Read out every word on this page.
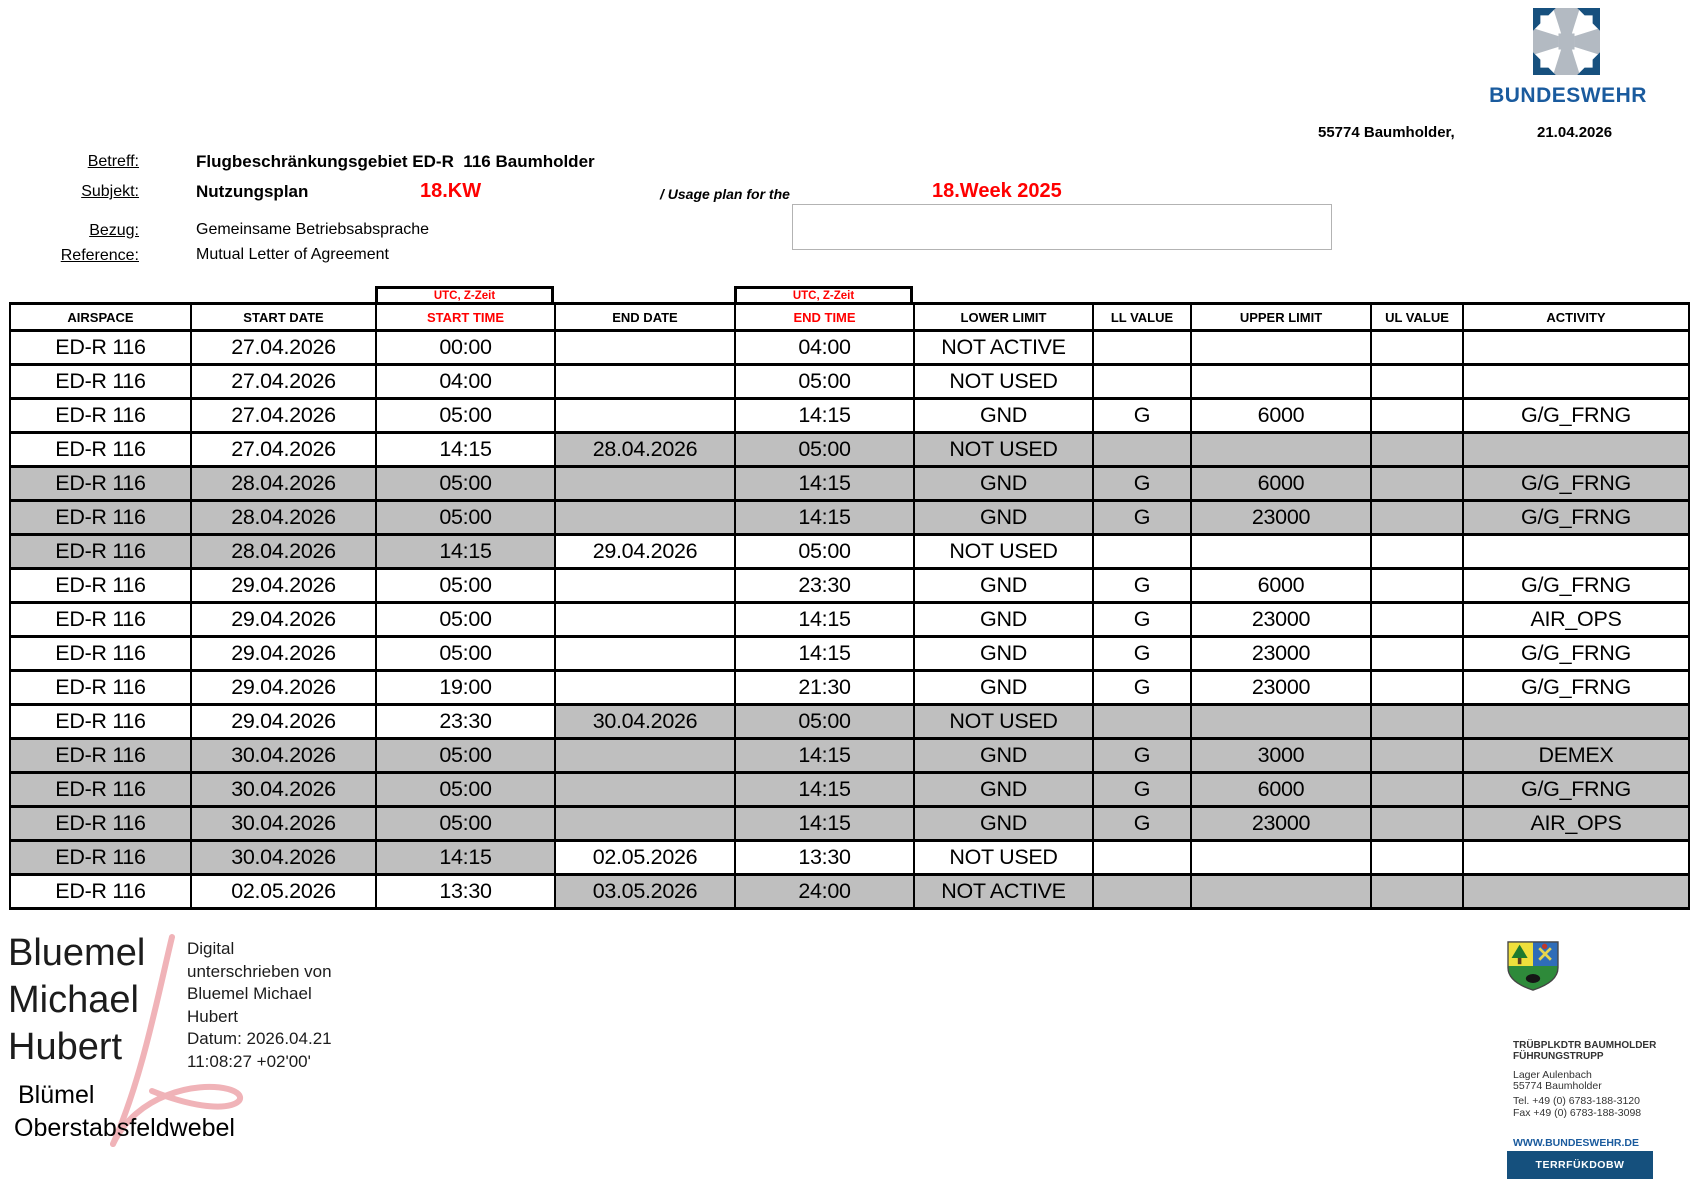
BUNDESWEHR
55774 Baumholder,	21.04.2026
Betreff:	Flugbeschränkungsgebiet ED-R  116 Baumholder
Subjekt:	Nutzungsplan	18.KW	/ Usage plan for the	18.Week 2025
Bezug:	Gemeinsame Betriebsabsprache
Reference:	Mutual Letter of Agreement
UTC, Z-Zeit	UTC, Z-Zeit
AIRSPACE	START DATE	START TIME	END DATE	END TIME	LOWER LIMIT	LL VALUE	UPPER LIMIT	UL VALUE	ACTIVITY
ED-R 116	27.04.2026	00:00		04:00	NOT ACTIVE				
ED-R 116	27.04.2026	04:00		05:00	NOT USED				
ED-R 116	27.04.2026	05:00		14:15	GND	G	6000		G/G_FRNG
ED-R 116	27.04.2026	14:15	28.04.2026	05:00	NOT USED				
ED-R 116	28.04.2026	05:00		14:15	GND	G	6000		G/G_FRNG
ED-R 116	28.04.2026	05:00		14:15	GND	G	23000		G/G_FRNG
ED-R 116	28.04.2026	14:15	29.04.2026	05:00	NOT USED				
ED-R 116	29.04.2026	05:00		23:30	GND	G	6000		G/G_FRNG
ED-R 116	29.04.2026	05:00		14:15	GND	G	23000		AIR_OPS
ED-R 116	29.04.2026	05:00		14:15	GND	G	23000		G/G_FRNG
ED-R 116	29.04.2026	19:00		21:30	GND	G	23000		G/G_FRNG
ED-R 116	29.04.2026	23:30	30.04.2026	05:00	NOT USED				
ED-R 116	30.04.2026	05:00		14:15	GND	G	3000		DEMEX
ED-R 116	30.04.2026	05:00		14:15	GND	G	6000		G/G_FRNG
ED-R 116	30.04.2026	05:00		14:15	GND	G	23000		AIR_OPS
ED-R 116	30.04.2026	14:15	02.05.2026	13:30	NOT USED				
ED-R 116	02.05.2026	13:30	03.05.2026	24:00	NOT ACTIVE				
Bluemel
Michael
Hubert
Digital
unterschrieben von
Bluemel Michael
Hubert
Datum: 2026.04.21
11:08:27 +02'00'
Blümel
Oberstabsfeldwebel
TRÜBPLKDTR BAUMHOLDER
FÜHRUNGSTRUPP
Lager Aulenbach
55774 Baumholder
Tel. +49 (0) 6783-188-3120
Fax +49 (0) 6783-188-3098
WWW.BUNDESWEHR.DE
TERRFÜKDOBW
